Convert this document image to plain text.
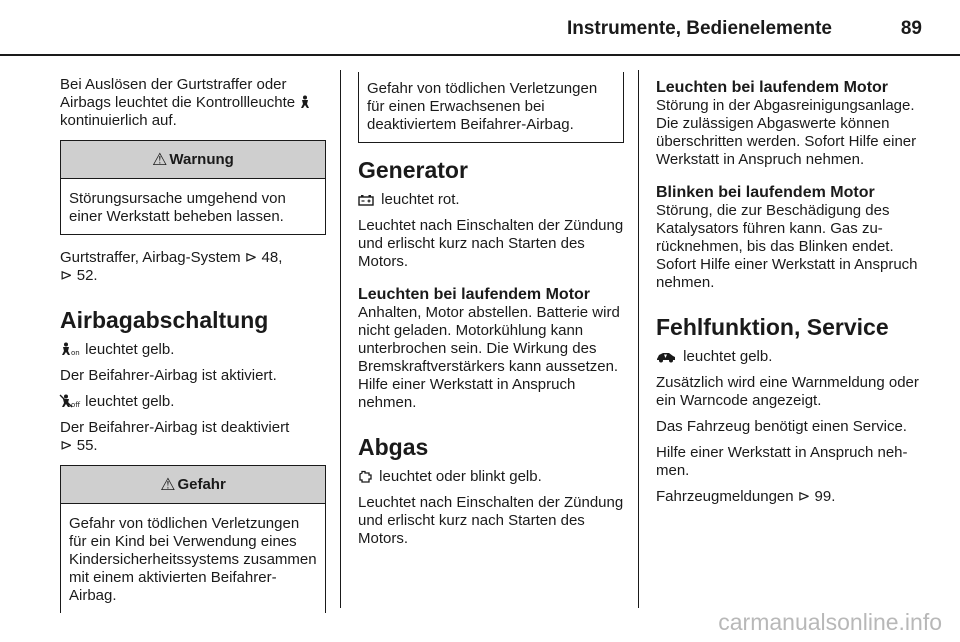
Instrumente, Bedienelemente	89

Bei Auslösen der Gurtstraffer oder Airbags leuchtet die Kontrollleuchte  kontinuierlich auf.

⚠ Warnung
Störungsursache umgehend von einer Werkstatt beheben lassen.

Gurtstraffer, Airbag-System ⊳ 48,
⊳ 52.

Airbagabschaltung

on leuchtet gelb.

Der Beifahrer-Airbag ist aktiviert.

off leuchtet gelb.

Der Beifahrer-Airbag ist deaktiviert
⊳ 55.

⚠ Gefahr
Gefahr von tödlichen Verletzungen für ein Kind bei Verwendung eines Kindersicherheitssystems zusammen mit einem aktivierten Beifahrer-Airbag.
Gefahr von tödlichen Verletzungen für einen Erwachsenen bei deaktiviertem Beifahrer-Airbag.
Generator

leuchtet rot.

Leuchtet nach Einschalten der Zündung und erlischt kurz nach Starten des Motors.

Leuchten bei laufendem Motor

Anhalten, Motor abstellen. Batterie wird nicht geladen. Motorkühlung kann unterbrochen sein. Die Wirkung des Bremskraftverstärkers kann aussetzen. Hilfe einer Werkstatt in Anspruch nehmen.

Abgas

leuchtet oder blinkt gelb.

Leuchtet nach Einschalten der Zündung und erlischt kurz nach Starten des Motors.

Leuchten bei laufendem Motor

Störung in der Abgasreinigungsanlage. Die zulässigen Abgaswerte können überschritten werden. Sofort Hilfe einer Werkstatt in Anspruch nehmen.

Blinken bei laufendem Motor

Störung, die zur Beschädigung des Katalysators führen kann. Gas zurücknehmen, bis das Blinken endet. Sofort Hilfe einer Werkstatt in Anspruch nehmen.

Fehlfunktion, Service

leuchtet gelb.

Zusätzlich wird eine Warnmeldung oder ein Warncode angezeigt.

Das Fahrzeug benötigt einen Service.

Hilfe einer Werkstatt in Anspruch nehmen.

Fahrzeugmeldungen ⊳ 99.

carmanualsonline.info
